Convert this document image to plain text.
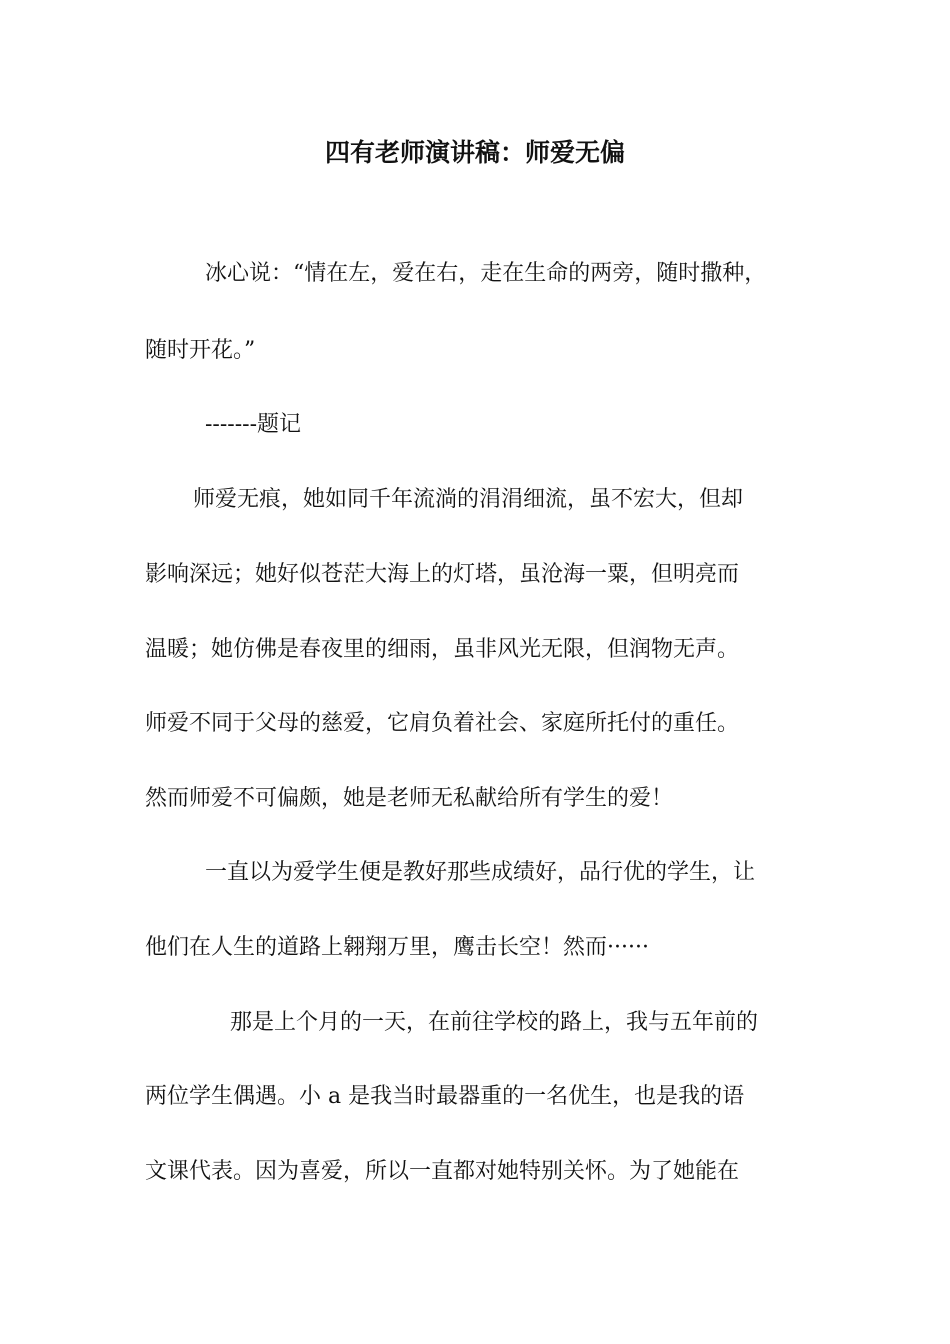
四有老师演讲稿：师爱无偏
冰心说：“情在左，爱在右，走在生命的两旁，随时撒种，
随时开花。”
-------题记
师爱无痕，她如同千年流淌的涓涓细流，虽不宏大，但却
影响深远；她好似苍茫大海上的灯塔，虽沧海一粟，但明亮而
温暖；她仿佛是春夜里的细雨，虽非风光无限，但润物无声。
师爱不同于父母的慈爱，它肩负着社会、家庭所托付的重任。
然而师爱不可偏颇，她是老师无私献给所有学生的爱！
一直以为爱学生便是教好那些成绩好，品行优的学生，让
他们在人生的道路上翱翔万里，鹰击长空！然而······
那是上个月的一天，在前往学校的路上，我与五年前的
两位学生偶遇。小 a 是我当时最器重的一名优生，也是我的语
文课代表。因为喜爱，所以一直都对她特别关怀。为了她能在
